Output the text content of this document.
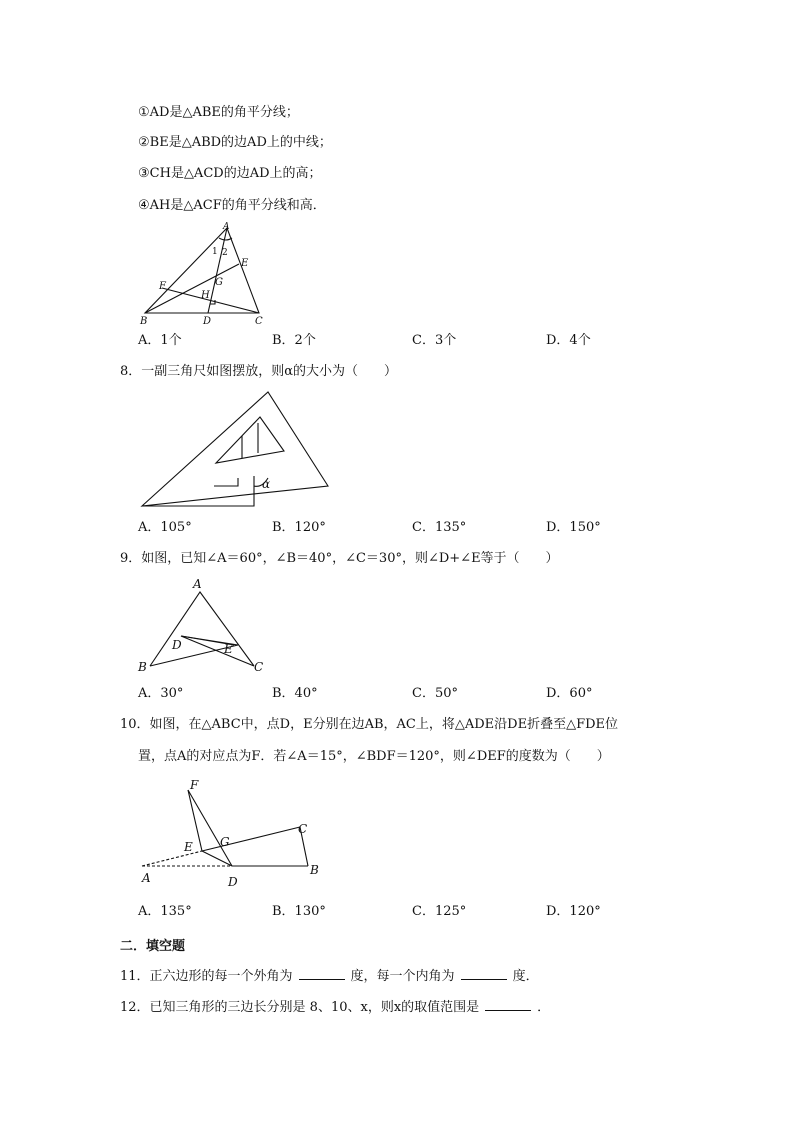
①AD是△ABE的角平分线；
②BE是△ABD的边AD上的中线；
③CH是△ACD的边AD上的高；
④AH是△ACF的角平分线和高．
A
B	C
D
E
F	G
H
1 2
A．1个	B．2个	C．3个	D．4个
8．一副三角尺如图摆放，则α的大小为（　　）
α
A．105°	B．120°	C．135°	D．150°
9．如图，已知∠A＝60°，∠B＝40°，∠C＝30°，则∠D+∠E等于（　　）
A
B	C
D	E
A．30°	B．40°	C．50°	D．60°
10．如图，在△ABC中，点D，E分别在边AB，AC上，将△ADE沿DE折叠至△FDE位
置，点A的对应点为F．若∠A＝15°，∠BDF＝120°，则∠DEF的度数为（　　）
F
E G
C
B
D
A
A．135°	B．130°	C．125°	D．120°
二．填空题
11．正六边形的每一个外角为	度，每一个内角为	度．
12．已知三角形的三边长分别是 8、10、x，则x的取值范围是	．
